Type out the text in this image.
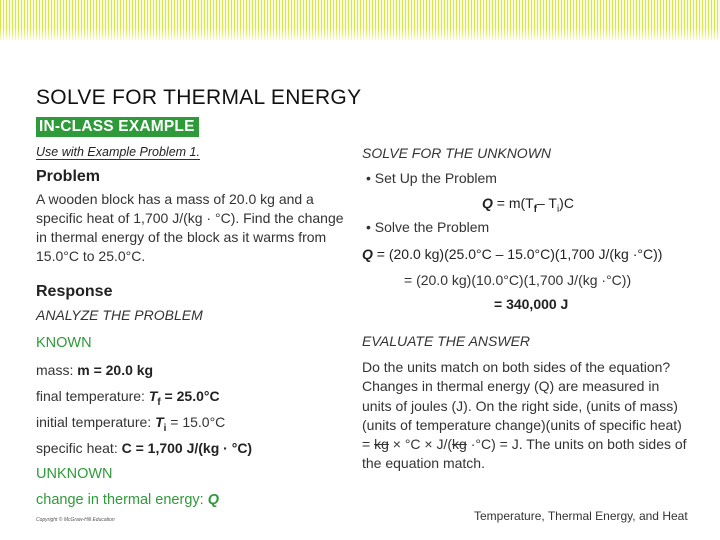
SOLVE FOR THERMAL ENERGY
IN-CLASS EXAMPLE
Use with Example Problem 1.
Problem
A wooden block has a mass of 20.0 kg and a specific heat of 1,700 J/(kg · °C). Find the change in thermal energy of the block as it warms from 15.0°C to 25.0°C.
Response
ANALYZE THE PROBLEM
KNOWN
mass: m = 20.0 kg
final temperature: $T_f = 25.0^\circ C$
initial temperature: $T_i = 15.0^\circ C$
specific heat: C = 1,700 J/(kg · °C)
UNKNOWN
change in thermal energy: Q
Copyright © McGraw-Hill Education
SOLVE FOR THE UNKNOWN
• Set Up the Problem
$Q = m(T_f-$ $T_i)C$
• Solve the Problem
Q = (20.0 kg)(25.0°C – 15.0°C)(1,700 J/(kg ·°C))
= (20.0 kg)(10.0°C)(1,700 J/(kg ·°C))
= 340,000 J
EVALUATE THE ANSWER
Do the units match on both sides of the equation? Changes in thermal energy (Q) are measured in units of joules (J). On the right side, (units of mass)(units of temperature change)(units of specific heat) = kg × °C × J/(kg ·°C) = J. The units on both sides of the equation match.
Temperature, Thermal Energy, and Heat
